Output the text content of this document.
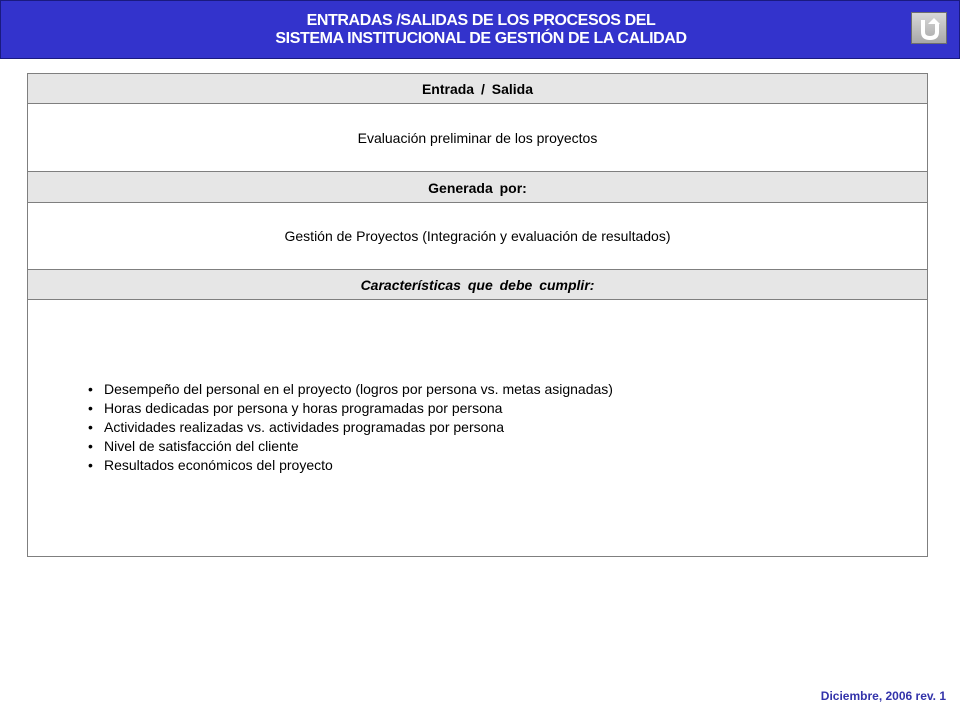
ENTRADAS /SALIDAS DE LOS PROCESOS DEL
SISTEMA INSTITUCIONAL DE GESTIÓN DE LA CALIDAD
Entrada / Salida
Evaluación preliminar de los proyectos
Generada por:
Gestión de Proyectos (Integración y evaluación de resultados)
Características que debe cumplir:
• Desempeño del personal en el proyecto (logros por persona vs. metas asignadas)
• Horas dedicadas por persona y horas programadas por persona
• Actividades realizadas vs. actividades programadas por persona
• Nivel de satisfacción del cliente
• Resultados económicos del proyecto
Diciembre, 2006 rev. 1
